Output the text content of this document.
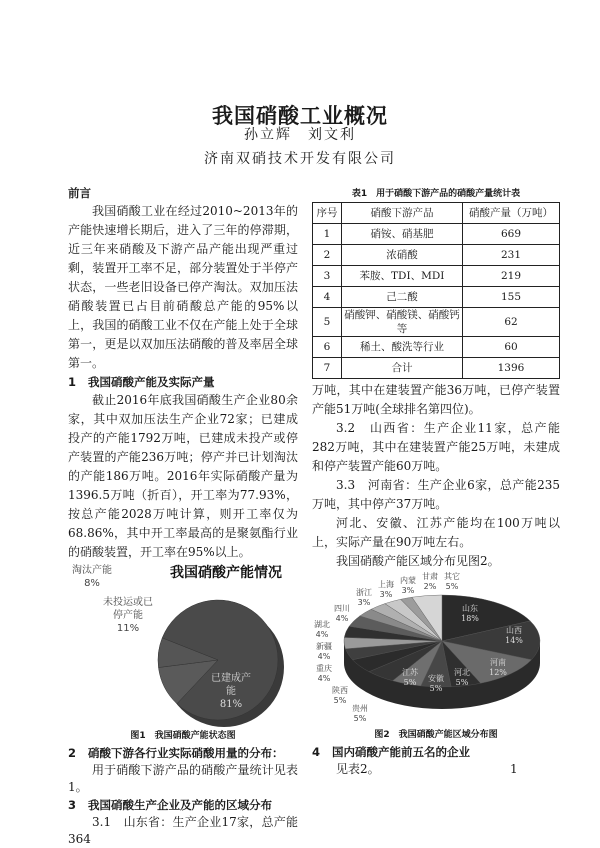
我国硝酸工业概况
孙立辉　刘文利
济南双硝技术开发有限公司
前言

我国硝酸工业在经过2010~2013年的产能快速增长期后，进入了三年的停滞期，近三年来硝酸及下游产品产能出现严重过剩，装置开工率不足，部分装置处于半停产状态，一些老旧设备已停产淘汰。双加压法硝酸装置已占目前硝酸总产能的95%以上，我国的硝酸工业不仅在产能上处于全球第一，更是以双加压法硝酸的普及率居全球第一。

1 我国硝酸产能及实际产量

截止2016年底我国硝酸生产企业80余家，其中双加压法生产企业72家；已建成投产的产能1792万吨，已建成未投产或停产装置的产能236万吨；停产并已计划淘汰的产能186万吨。2016年实际硝酸产量为1396.5万吨（折百），开工率为77.93%，按总产能2028万吨计算，则开工率仅为68.86%，其中开工率最高的是聚氨酯行业的硝酸装置，开工率在95%以上。

我国硝酸产能情况
淘汰产能
8%
未投运或已停产能
11%
已建成产能
81%
图1　我国硝酸产能状态图
2 硝酸下游各行业实际硝酸用量的分布：

用于硝酸下游产品的硝酸产量统计见表1。

3 我国硝酸生产企业及产能的区域分布

3.1　山东省：生产企业17家，总产能364

表1　用于硝酸下游产品的硝酸产量统计表
序号	硝酸下游产品	硝酸产量（万吨）
1	硝铵、硝基肥	669
2	浓硝酸	231
3	苯胺、TDI、MDI	219
4	己二酸	155
5	硝酸钾、硝酸镁、硝酸钙等	62
6	稀土、酸洗等行业	60
7	合计	1396

万吨，其中在建装置产能36万吨，已停产装置产能51万吨(全球排名第四位)。

3.2　山西省：生产企业11家，总产能282万吨，其中在建装置产能25万吨，未建成和停产装置产能60万吨。

3.3　河南省：生产企业6家，总产能235万吨，其中停产37万吨。

河北、安徽、江苏产能均在100万吨以上，实际产量在90万吨左右。

我国硝酸产能区域分布见图2。

山东
18%
山西
14%
河南
12%
河北
5%
安徽
5%
江苏
5%
贵州
5%
陕西
5%
重庆
4%
新疆
4%
湖北
4%
四川
4%
浙江
3%
上海
3%
内蒙
3%
甘肃
2%
其它
5%
图2　我国硝酸产能区域分布图
4 国内硝酸产能前五名的企业

见表2。	1
